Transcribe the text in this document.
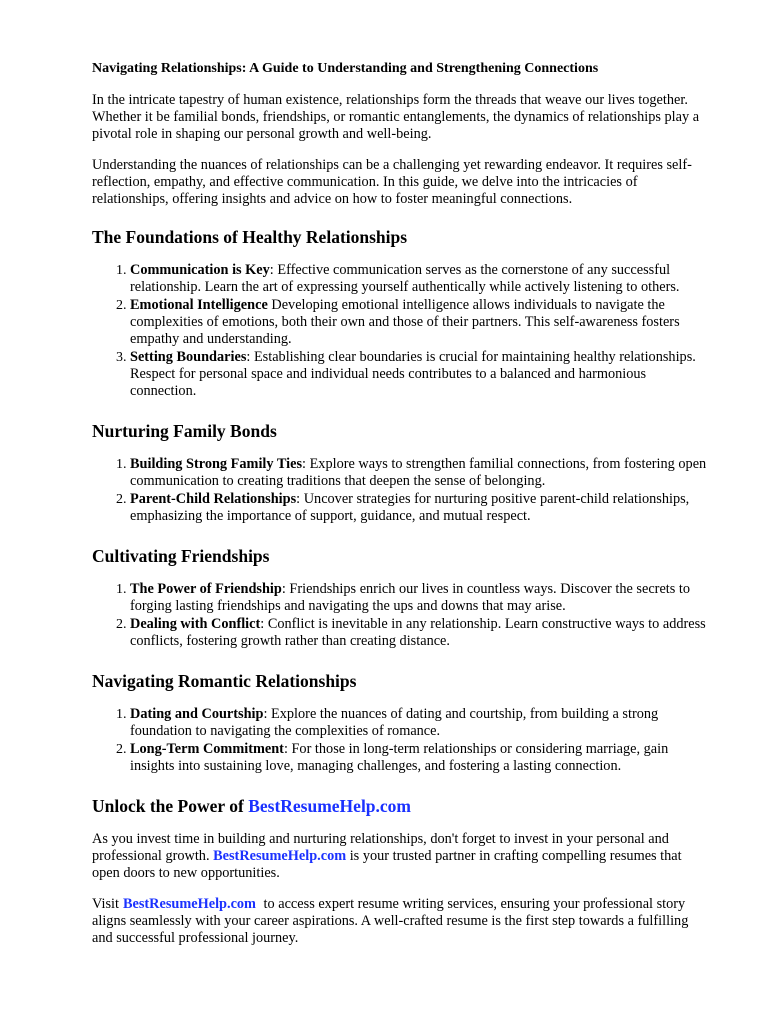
Navigating Relationships: A Guide to Understanding and Strengthening Connections

In the intricate tapestry of human existence, relationships form the threads that weave our lives together. Whether it be familial bonds, friendships, or romantic entanglements, the dynamics of relationships play a pivotal role in shaping our personal growth and well-being.

Understanding the nuances of relationships can be a challenging yet rewarding endeavor. It requires self-reflection, empathy, and effective communication. In this guide, we delve into the intricacies of relationships, offering insights and advice on how to foster meaningful connections.

The Foundations of Healthy Relationships
1. Communication is Key: Effective communication serves as the cornerstone of any successful relationship. Learn the art of expressing yourself authentically while actively listening to others.
2. Emotional Intelligence Developing emotional intelligence allows individuals to navigate the complexities of emotions, both their own and those of their partners. This self-awareness fosters empathy and understanding.
3. Setting Boundaries: Establishing clear boundaries is crucial for maintaining healthy relationships. Respect for personal space and individual needs contributes to a balanced and harmonious connection.
Nurturing Family Bonds
1. Building Strong Family Ties: Explore ways to strengthen familial connections, from fostering open communication to creating traditions that deepen the sense of belonging.
2. Parent-Child Relationships: Uncover strategies for nurturing positive parent-child relationships, emphasizing the importance of support, guidance, and mutual respect.
Cultivating Friendships
1. The Power of Friendship: Friendships enrich our lives in countless ways. Discover the secrets to forging lasting friendships and navigating the ups and downs that may arise.
2. Dealing with Conflict: Conflict is inevitable in any relationship. Learn constructive ways to address conflicts, fostering growth rather than creating distance.
Navigating Romantic Relationships
1. Dating and Courtship: Explore the nuances of dating and courtship, from building a strong foundation to navigating the complexities of romance.
2. Long-Term Commitment: For those in long-term relationships or considering marriage, gain insights into sustaining love, managing challenges, and fostering a lasting connection.
Unlock the Power of BestResumeHelp.com

As you invest time in building and nurturing relationships, don't forget to invest in your personal and professional growth. BestResumeHelp.com is your trusted partner in crafting compelling resumes that open doors to new opportunities.

Visit BestResumeHelp.com to access expert resume writing services, ensuring your professional story aligns seamlessly with your career aspirations. A well-crafted resume is the first step towards a fulfilling and successful professional journey.
